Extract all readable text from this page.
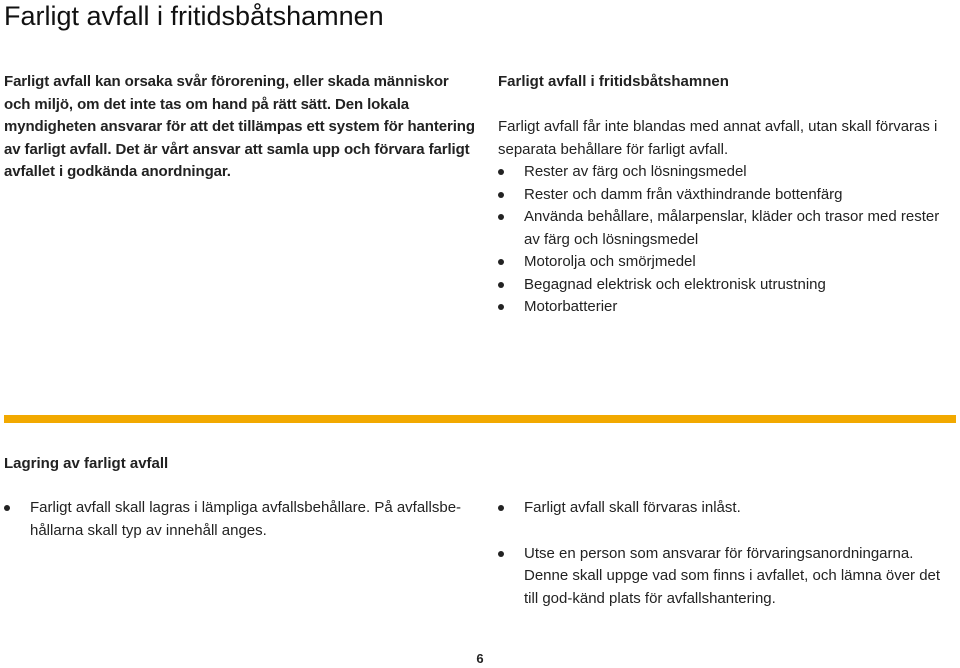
Farligt avfall i fritidsbåtshamnen

Farligt avfall kan orsaka svår förorening, eller skada människor och miljö, om det inte tas om hand på rätt sätt. Den lokala myndigheten ansvarar för att det tillämpas ett system för hantering av farligt avfall. Det är vårt ansvar att samla upp och förvara farligt avfallet i godkända anordningar.

Farligt avfall i fritidsbåtshamnen

Farligt avfall får inte blandas med annat avfall, utan skall förvaras i separata behållare för farligt avfall.

Rester av färg och lösningsmedel
Rester och damm från växthindrande bottenfärg
Använda behållare, målarpenslar, kläder och trasor med rester av färg och lösningsmedel
Motorolja och smörjmedel
Begagnad elektrisk och elektronisk utrustning
Motorbatterier
Lagring av farligt avfall
Farligt avfall skall lagras i lämpliga avfallsbehållare. På avfallsbe-hållarna skall typ av innehåll anges.
Farligt avfall skall förvaras inlåst.
Utse en person som ansvarar för förvaringsanordningarna. Denne skall uppge vad som finns i avfallet, och lämna över det till god-känd plats för avfallshantering.
6
